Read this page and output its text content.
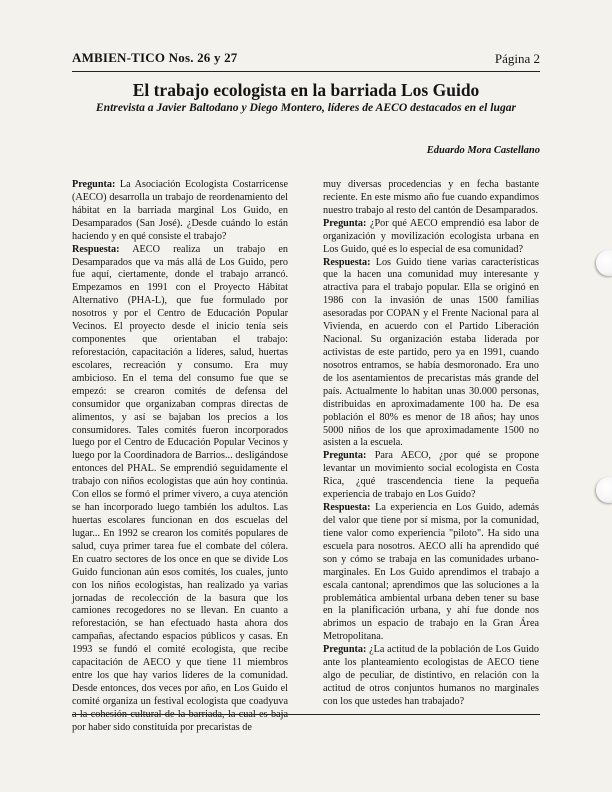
AMBIEN-TICO Nos. 26 y 27	Página 2
El trabajo ecologista en la barriada Los Guido
Entrevista a Javier Baltodano y Diego Montero, líderes de AECO destacados en el lugar
Eduardo Mora Castellano

Pregunta: La Asociación Ecologista Costarricense (AECO) desarrolla un trabajo de reordenamiento del hábitat en la barriada marginal Los Guido, en Desamparados (San José). ¿Desde cuándo lo están haciendo y en qué consiste el trabajo?

Respuesta: AECO realiza un trabajo en Desamparados que va más allá de Los Guido, pero fue aquí, ciertamente, donde el trabajo arrancó. Empezamos en 1991 con el Proyecto Hábitat Alternativo (PHA-L), que fue formulado por nosotros y por el Centro de Educación Popular Vecinos. El proyecto desde el inicio tenía seis componentes que orientaban el trabajo: reforestación, capacitación a líderes, salud, huertas escolares, recreación y consumo. Era muy ambicioso. En el tema del consumo fue que se empezó: se crearon comités de defensa del consumidor que organizaban compras directas de alimentos, y así se bajaban los precios a los consumidores. Tales comités fueron incorporados luego por el Centro de Educación Popular Vecinos y luego por la Coordinadora de Barrios... desligándose entonces del PHAL. Se emprendió seguidamente el trabajo con niños ecologistas que aún hoy continúa. Con ellos se formó el primer vivero, a cuya atención se han incorporado luego también los adultos. Las huertas escolares funcionan en dos escuelas del lugar... En 1992 se crearon los comités populares de salud, cuya primer tarea fue el combate del cólera. En cuatro sectores de los once en que se divide Los Guido funcionan aún esos comités, los cuales, junto con los niños ecologistas, han realizado ya varias jornadas de recolección de la basura que los camiones recogedores no se llevan. En cuanto a reforestación, se han efectuado hasta ahora dos campañas, afectando espacios públicos y casas. En 1993 se fundó el comité ecologista, que recibe capacitación de AECO y que tiene 11 miembros entre los que hay varios líderes de la comunidad. Desde entonces, dos veces por año, en Los Guido el comité organiza un festival ecologista que coadyuva a la cohesión cultural de la barriada, la cual es baja por haber sido constituida por precaristas de

muy diversas procedencias y en fecha bastante reciente. En este mismo año fue cuando expandimos nuestro trabajo al resto del cantón de Desamparados.

Pregunta: ¿Por qué AECO emprendió esa labor de organización y movilización ecologista urbana en Los Guido, qué es lo especial de esa comunidad?

Respuesta: Los Guido tiene varias características que la hacen una comunidad muy interesante y atractiva para el trabajo popular. Ella se originó en 1986 con la invasión de unas 1500 familias asesoradas por COPAN y el Frente Nacional para al Vivienda, en acuerdo con el Partido Liberación Nacional. Su organización estaba liderada por activistas de este partido, pero ya en 1991, cuando nosotros entramos, se había desmoronado. Era uno de los asentamientos de precaristas más grande del país. Actualmente lo habitan unas 30.000 personas, distribuidas en aproximadamente 100 ha. De esa población el 80% es menor de 18 años; hay unos 5000 niños de los que aproximadamente 1500 no asisten a la escuela.

Pregunta: Para AECO, ¿por qué se propone levantar un movimiento social ecologista en Costa Rica, ¿qué trascendencia tiene la pequeña experiencia de trabajo en Los Guido?

Respuesta: La experiencia en Los Guido, además del valor que tiene por sí misma, por la comunidad, tiene valor como experiencia "piloto". Ha sido una escuela para nosotros. AECO allí ha aprendido qué son y cómo se trabaja en las comunidades urbano-marginales. En Los Guido aprendimos el trabajo a escala cantonal; aprendimos que las soluciones a la problemática ambiental urbana deben tener su base en la planificación urbana, y ahí fue donde nos abrimos un espacio de trabajo en la Gran Área Metropolitana.

Pregunta: ¿La actitud de la población de Los Guido ante los planteamiento ecologistas de AECO tiene algo de peculiar, de distintivo, en relación con la actitud de otros conjuntos humanos no marginales con los que ustedes han trabajado?
